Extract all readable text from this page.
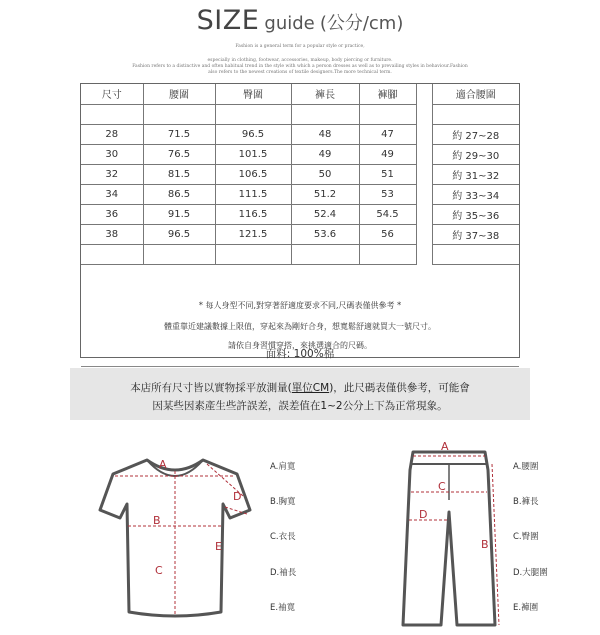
SIZE guide (公分/cm)
Fashion is a general term for a popular style or practice,
especially in clothing, footwear, accessories, makeup, body piercing or furniture.
Fashion refers to a distinctive and often habitual trend in the style with which a person dresses as well as to prevailing styles in behaviour.Fashion
also refers to the newest creations of textile designers.The more technical term.
尺寸	腰圍	臀圍	褲長	褲腳		適合腰圍

28	71.5	96.5	48	47		約 27~28
30	76.5	101.5	49	49		約 29~30
32	81.5	106.5	50	51		約 31~32
34	86.5	111.5	51.2	53		約 33~34
36	91.5	116.5	52.4	54.5		約 35~36
38	96.5	121.5	53.6	56		約 37~38

面料: 100%棉
* 每人身型不同,對穿著舒適度要求不同,尺碼表僅供參考 *
體重靠近建議數據上限值，穿起來為剛好合身，想寬鬆舒適就買大一號尺寸。
請依自身習慣穿搭，來挑選適合的尺碼。

本店所有尺寸皆以實物採平放測量(單位CM)，此尺碼表僅供參考，可能會

因某些因素產生些許誤差，誤差值在1~2公分上下為正常現象。

A
B
C
D
E
A.肩寬
B.胸寬
C.衣長
D.袖長
E.袖寬
A
C
D
B
A.腰圍
B.褲長
C.臀圍
D.大腿圍
E.褲圍
